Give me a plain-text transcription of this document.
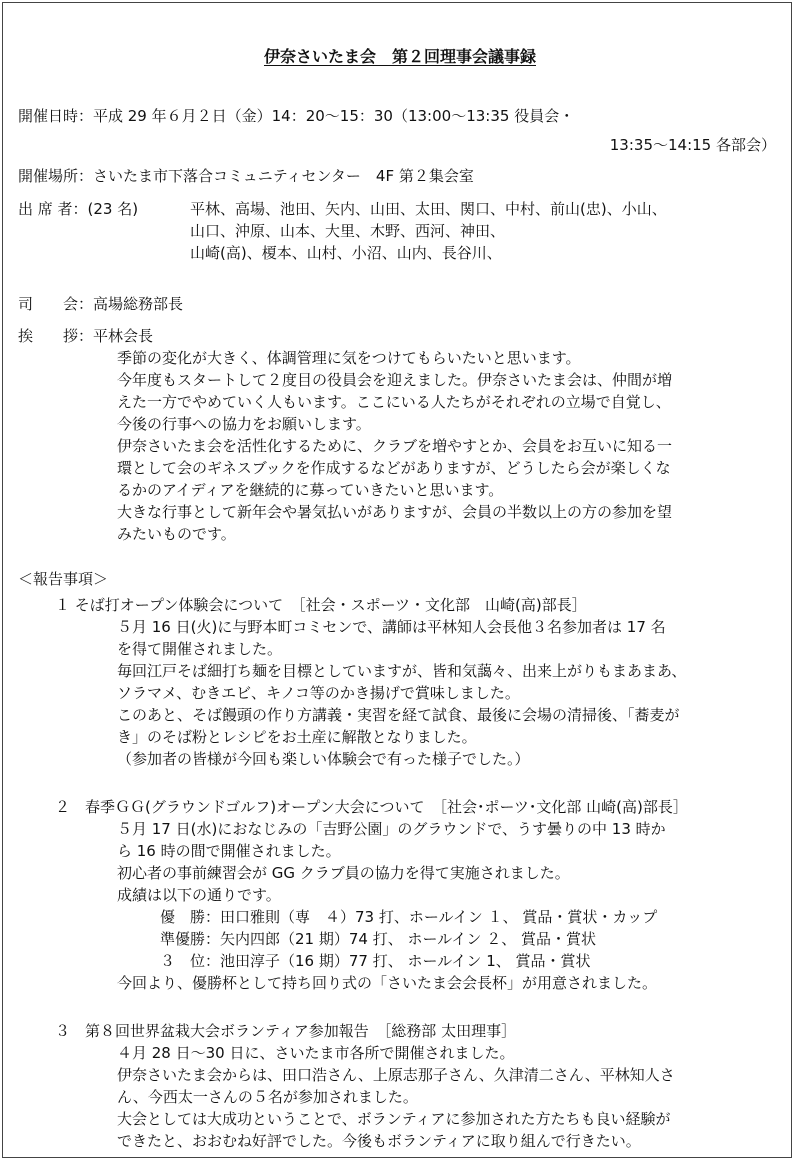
伊奈さいたま会　第２回理事会議事録
開催日時：平成 29 年６月２日（金）14：20～15：30（13:00～13:35 役員会・
13:35～14:15 各部会）
開催場所：さいたま市下落合コミュニティセンター　4F 第２集会室
出 席 者：(23 名)	平林、高場、池田、矢内、山田、太田、関口、中村、前山(忠)、小山、
山口、沖原、山本、大里、木野、西河、神田、
山崎(高)、榎本、山村、小沼、山内、長谷川、
司　　会：高場総務部長
挨　　拶：平林会長
季節の変化が大きく、体調管理に気をつけてもらいたいと思います。
今年度もスタートして２度目の役員会を迎えました。伊奈さいたま会は、仲間が増
えた一方でやめていく人もいます。ここにいる人たちがそれぞれの立場で自覚し、
今後の行事への協力をお願いします。
伊奈さいたま会を活性化するために、クラブを増やすとか、会員をお互いに知る一
環として会のギネスブックを作成するなどがありますが、どうしたら会が楽しくな
るかのアイディアを継続的に募っていきたいと思います。
大きな行事として新年会や暑気払いがありますが、会員の半数以上の方の参加を望
みたいものです。
＜報告事項＞
１ そば打オープン体験会について　［社会・スポーツ・文化部　山崎(高)部長］
５月 16 日(火)に与野本町コミセンで、講師は平林知人会長他３名参加者は 17 名
を得て開催されました。
毎回江戸そば細打ち麺を目標としていますが、皆和気藹々、出来上がりもまあまあ、
ソラマメ、むきエビ、キノコ等のかき揚げで賞味しました。
このあと、そば饅頭の作り方講義・実習を経て試食、最後に会場の清掃後、「蕎麦が
き」のそば粉とレシピをお土産に解散となりました。
（参加者の皆様が今回も楽しい体験会で有った様子でした。）
２　春季ＧＧ(グラウンドゴルフ)オープン大会について　［社会･ポーツ･文化部 山崎(高)部長］
５月 17 日(水)におなじみの「吉野公園」のグラウンドで、うす曇りの中 13 時か
ら 16 時の間で開催されました。
初心者の事前練習会が GG クラブ員の協力を得て実施されました。
成績は以下の通りです。
優　勝：田口雅則（専　４）73 打、ホールイン １、 賞品・賞状・カップ
準優勝：矢内四郎（21 期）74 打、 ホールイン ２、 賞品・賞状
３　位：池田淳子（16 期）77 打、 ホールイン 1、 賞品・賞状
今回より、優勝杯として持ち回り式の「さいたま会会長杯」が用意されました。
３　第８回世界盆栽大会ボランティア参加報告　［総務部 太田理事］
４月 28 日～30 日に、さいたま市各所で開催されました。
伊奈さいたま会からは、田口浩さん、上原志那子さん、久津清二さん、平林知人さ
ん、今西太一さんの５名が参加されました。
大会としては大成功ということで、ボランティアに参加された方たちも良い経験が
できたと、おおむね好評でした。今後もボランティアに取り組んで行きたい。
